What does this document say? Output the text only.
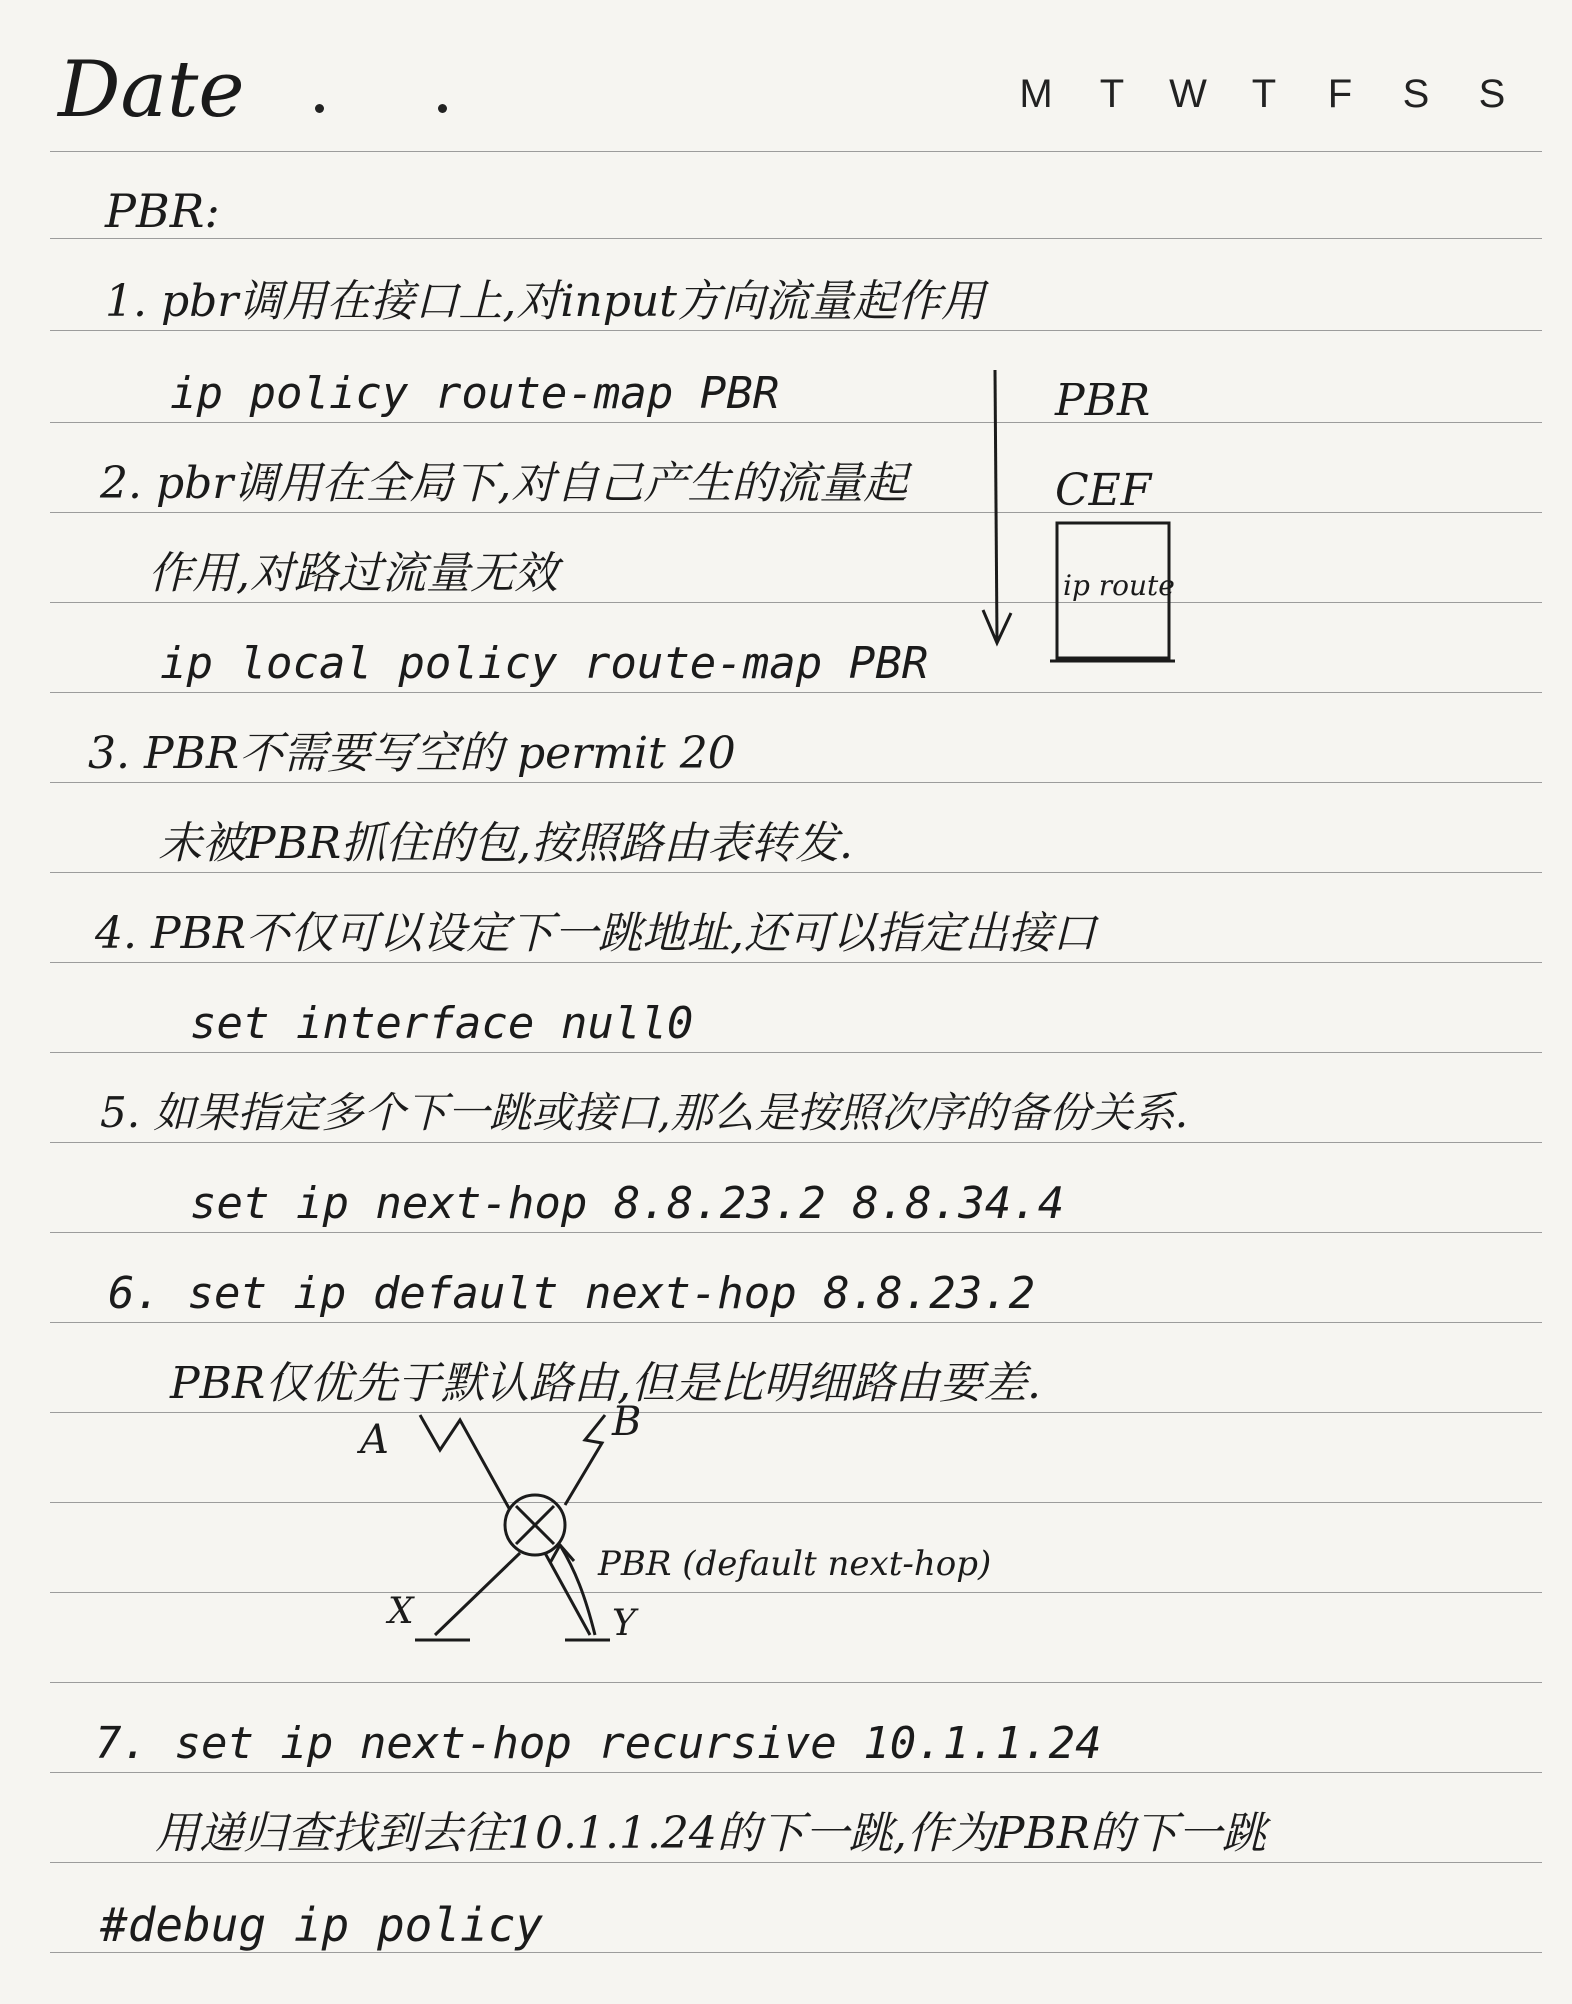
Date	M	T	W	T	F	S	S
PBR:
1. pbr调用在接口上,对input方向流量起作用
ip policy route-map PBR
2. pbr调用在全局下,对自己产生的流量起
作用,对路过流量无效
ip local policy route-map PBR
3. PBR不需要写空的 permit 20
未被PBR抓住的包,按照路由表转发.
4. PBR不仅可以设定下一跳地址,还可以指定出接口
set interface null0
5. 如果指定多个下一跳或接口,那么是按照次序的备份关系.
set ip next-hop 8.8.23.2 8.8.34.4
6. set ip default next-hop 8.8.23.2
PBR仅优先于默认路由,但是比明细路由要差.
7. set ip next-hop recursive 10.1.1.24
用递归查找到去往10.1.1.24的下一跳,作为PBR的下一跳
#debug ip policy
PBR
CEF
ip route
A	B
X	Y
PBR (default next-hop)
